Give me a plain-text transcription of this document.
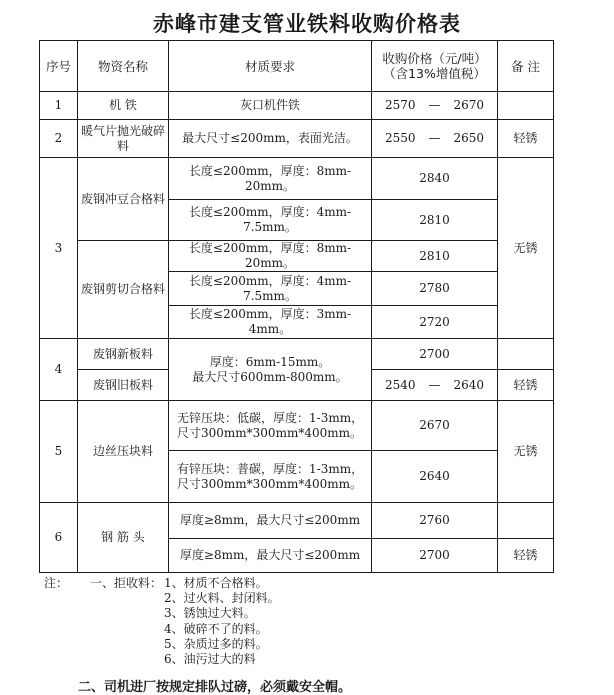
赤峰市建支管业铁料收购价格表
序号	物资名称	材质要求	收购价格（元/吨）
（含13%增值税）	备 注
1	机 铁	灰口机件铁	2570 — 2670	

2	暖气片抛光破碎料	最大尺寸≤200mm，表面光洁。	2550 — 2650	轻锈
3	废钢冲豆合格料	长度≤200mm，厚度：8mm-20mm。	2840	无锈
		长度≤200mm，厚度：4mm-7.5mm。	2810	
	废钢剪切合格料	长度≤200mm，厚度：8mm-20mm。	2810	
		长度≤200mm，厚度：4mm-7.5mm。	2780	
		长度≤200mm，厚度：3mm-4mm。	2720	
4	废钢新板料	厚度：6mm-15mm。
最大尺寸600mm-800mm。	2700	
	废钢旧板料		2540 — 2640	轻锈
5	边丝压块料	无锌压块：低碳，厚度：1-3mm，
尺寸300mm*300mm*400mm。	2670	无锈

		有锌压块：普碳，厚度：1-3mm，
尺寸300mm*300mm*400mm。	2640	
6	钢 筋 头	厚度≥8mm，最大尺寸≤200mm	2760	
		厚度≥8mm，最大尺寸≤200mm	2700	轻锈
注： 一、拒收料： 1、材质不合格料。
2、过火料、封闭料。
3、锈蚀过大料。
4、破碎不了的料。
5、杂质过多的料。
6、油污过大的料
二、司机进厂按规定排队过磅，必须戴安全帽。
